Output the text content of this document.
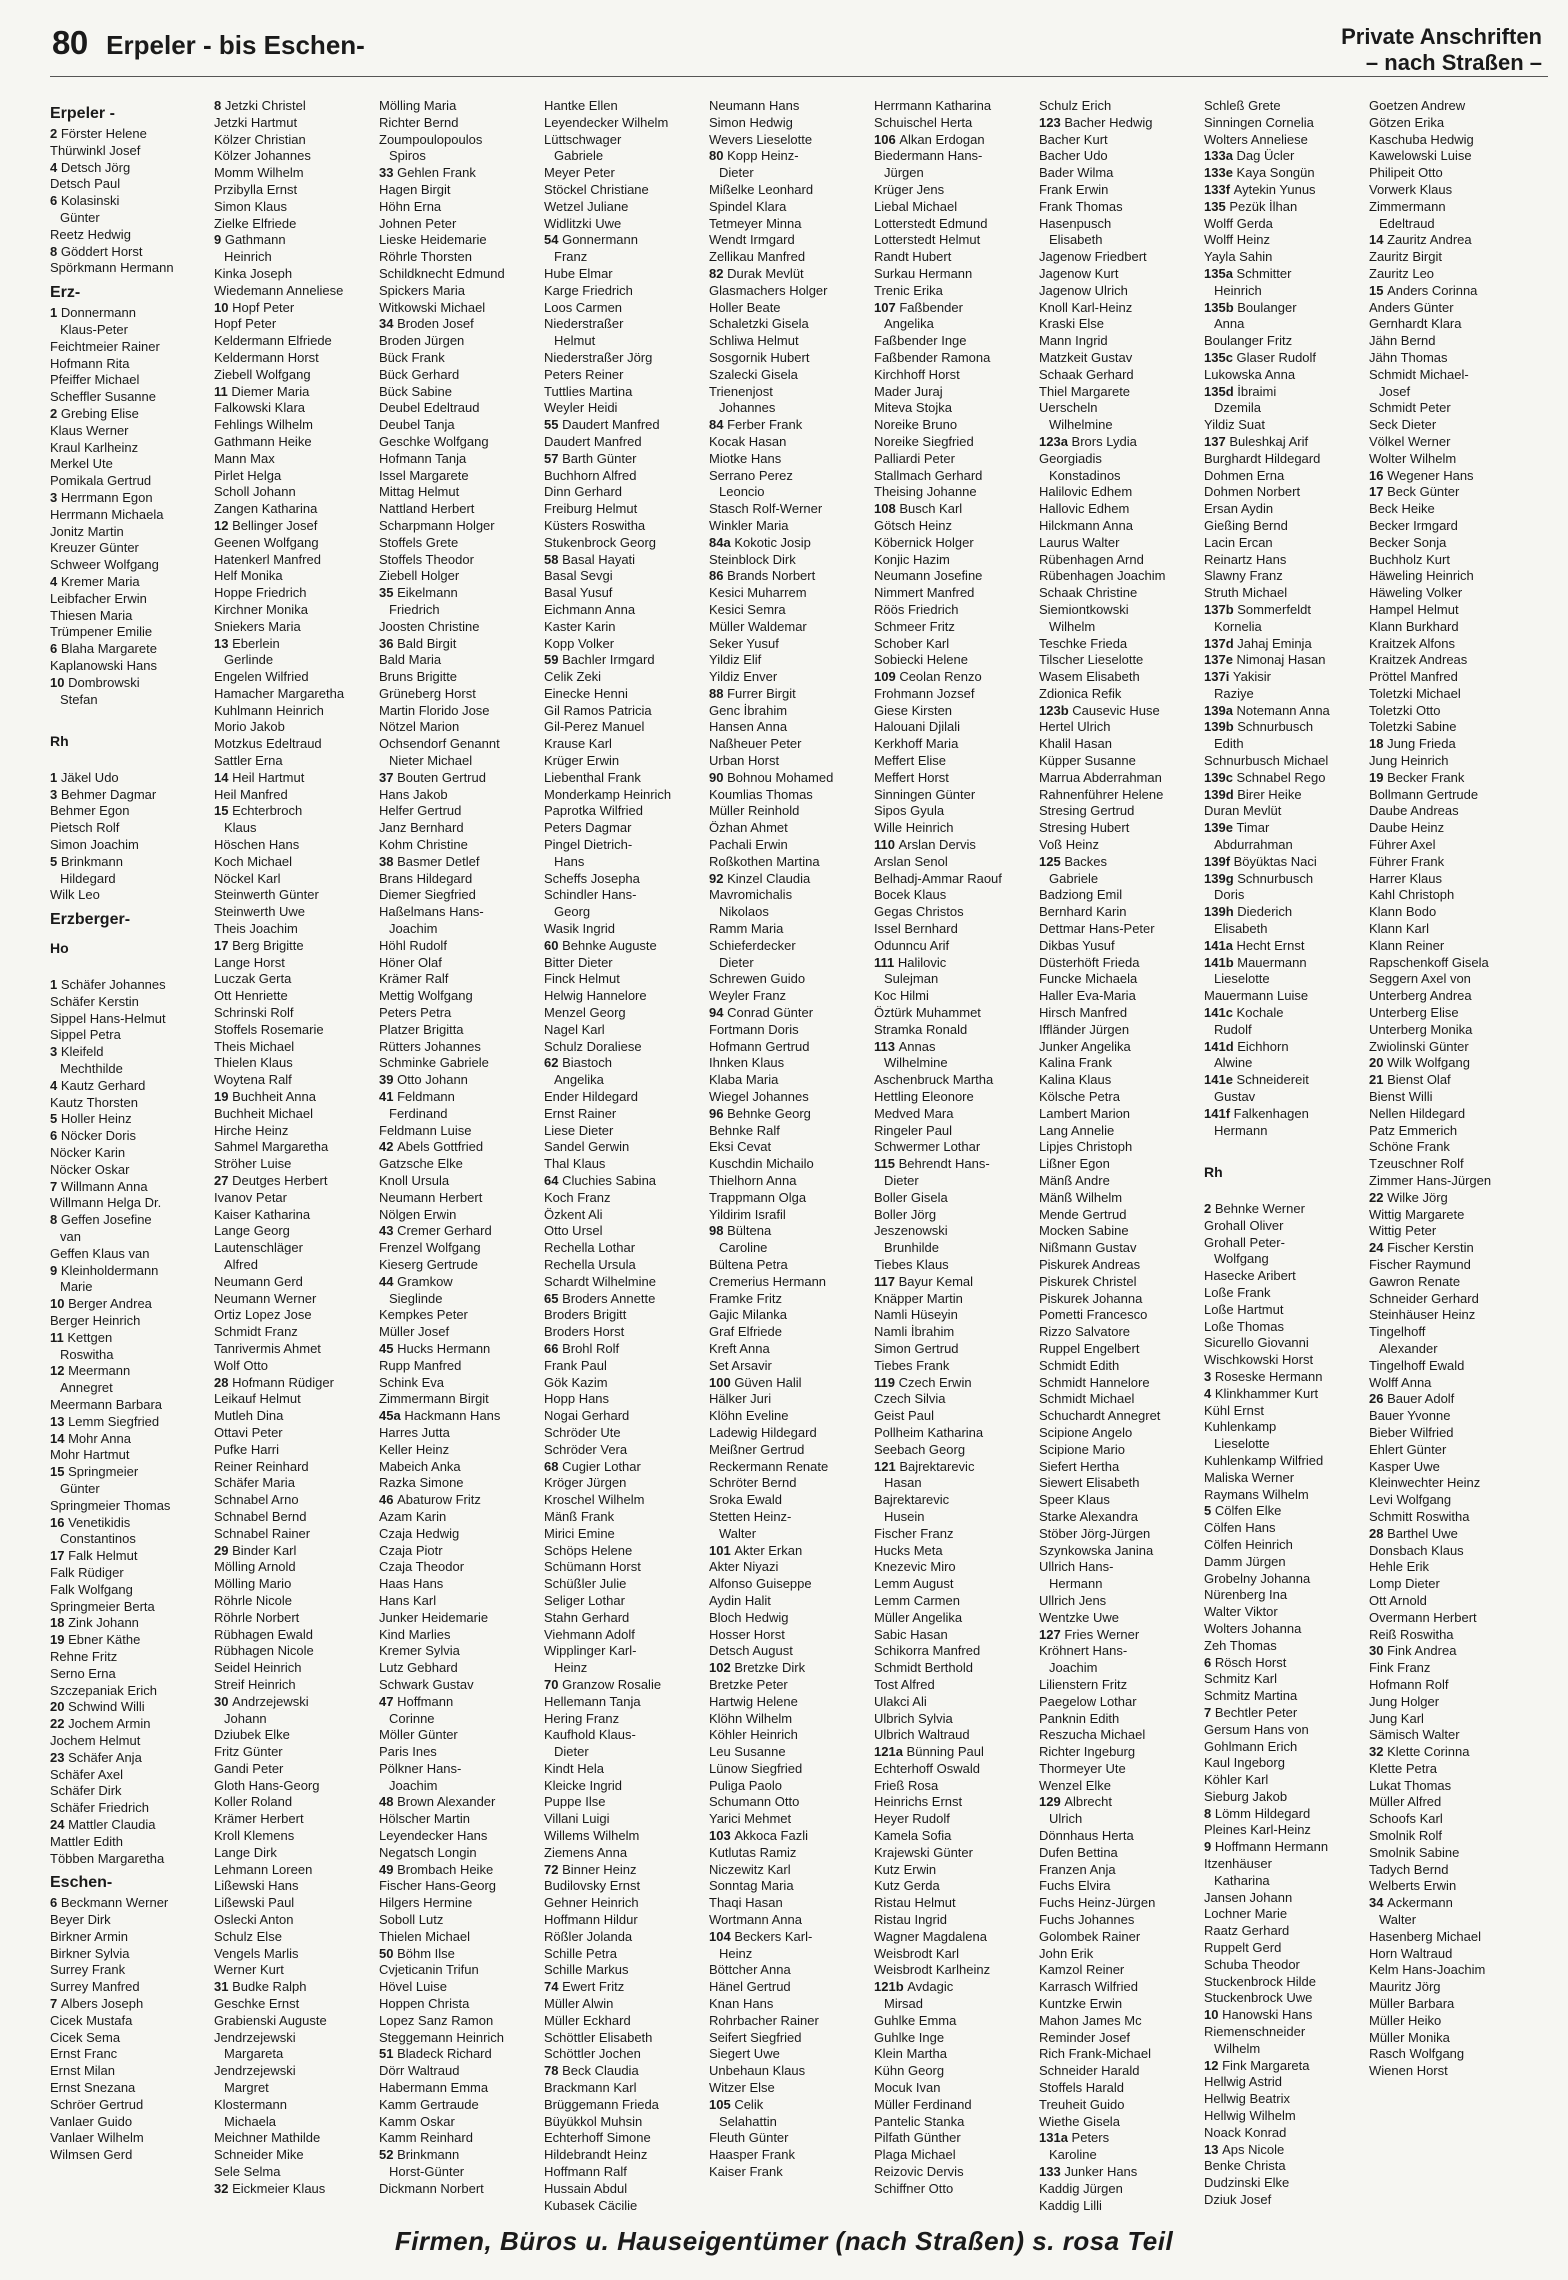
80 Erpeler - bis Eschen-	Private Anschriften
– nach Straßen –
Erpeler -
2 Förster Helene
Thürwinkl Josef
4 Detsch Jörg
Detsch Paul
6 Kolasinski
Günter
Reetz Hedwig
8 Göddert Horst
Spörkmann Hermann
Erz-
1 Donnermann
Klaus-Peter
Feichtmeier Rainer
Hofmann Rita
Pfeiffer Michael
Scheffler Susanne
2 Grebing Elise
Klaus Werner
Kraul Karlheinz
Merkel Ute
Pomikala Gertrud
3 Herrmann Egon
Herrmann Michaela
Jonitz Martin
Kreuzer Günter
Schweer Wolfgang
4 Kremer Maria
Leibfacher Erwin
Thiesen Maria
Trümpener Emilie
6 Blaha Margarete
Kaplanowski Hans
10 Dombrowski
Stefan
Rh
1 Jäkel Udo
3 Behmer Dagmar
Behmer Egon
Pietsch Rolf
Simon Joachim
5 Brinkmann
Hildegard
Wilk Leo
Erzberger-
Ho
1 Schäfer Johannes
Schäfer Kerstin
Sippel Hans-Helmut
Sippel Petra
3 Kleifeld
Mechthilde
4 Kautz Gerhard
Kautz Thorsten
5 Holler Heinz
6 Nöcker Doris
Nöcker Karin
Nöcker Oskar
7 Willmann Anna
Willmann Helga Dr.
8 Geffen Josefine
van
Geffen Klaus van
9 Kleinholdermann
Marie
10 Berger Andrea
Berger Heinrich
11 Kettgen
Roswitha
12 Meermann
Annegret
Meermann Barbara
13 Lemm Siegfried
14 Mohr Anna
Mohr Hartmut
15 Springmeier
Günter
Springmeier Thomas
16 Venetikidis
Constantinos
17 Falk Helmut
Falk Rüdiger
Falk Wolfgang
Springmeier Berta
18 Zink Johann
19 Ebner Käthe
Rehne Fritz
Serno Erna
Szczepaniak Erich
20 Schwind Willi
22 Jochem Armin
Jochem Helmut
23 Schäfer Anja
Schäfer Axel
Schäfer Dirk
Schäfer Friedrich
24 Mattler Claudia
Mattler Edith
Többen Margaretha
Eschen-
6 Beckmann Werner
Beyer Dirk
Birkner Armin
Birkner Sylvia
Surrey Frank
Surrey Manfred
7 Albers Joseph
Cicek Mustafa
Cicek Sema
Ernst Franc
Ernst Milan
Ernst Snezana
Schröer Gertrud
Vanlaer Guido
Vanlaer Wilhelm
Wilmsen Gerd
8 Jetzki Christel
Jetzki Hartmut
Kölzer Christian
Kölzer Johannes
Momm Wilhelm
Przibylla Ernst
Simon Klaus
Zielke Elfriede
9 Gathmann
Heinrich
Kinka Joseph
Wiedemann Anneliese
10 Hopf Peter
Hopf Peter
Keldermann Elfriede
Keldermann Horst
Ziebell Wolfgang
11 Diemer Maria
Falkowski Klara
Fehlings Wilhelm
Gathmann Heike
Mann Max
Pirlet Helga
Scholl Johann
Zangen Katharina
12 Bellinger Josef
Geenen Wolfgang
Hatenkerl Manfred
Helf Monika
Hoppe Friedrich
Kirchner Monika
Sniekers Maria
13 Eberlein
Gerlinde
Engelen Wilfried
Hamacher Margaretha
Kuhlmann Heinrich
Morio Jakob
Motzkus Edeltraud
Sattler Erna
14 Heil Hartmut
Heil Manfred
15 Echterbroch
Klaus
Höschen Hans
Koch Michael
Nöckel Karl
Steinwerth Günter
Steinwerth Uwe
Theis Joachim
17 Berg Brigitte
Lange Horst
Luczak Gerta
Ott Henriette
Schrinski Rolf
Stoffels Rosemarie
Theis Michael
Thielen Klaus
Woytena Ralf
19 Buchheit Anna
Buchheit Michael
Hirche Heinz
Sahmel Margaretha
Ströher Luise
27 Deutges Herbert
Ivanov Petar
Kaiser Katharina
Lange Georg
Lautenschläger
Alfred
Neumann Gerd
Neumann Werner
Ortiz Lopez Jose
Schmidt Franz
Tanrivermis Ahmet
Wolf Otto
28 Hofmann Rüdiger
Leikauf Helmut
Mutleh Dina
Ottavi Peter
Pufke Harri
Reiner Reinhard
Schäfer Maria
Schnabel Arno
Schnabel Bernd
Schnabel Rainer
29 Binder Karl
Mölling Arnold
Mölling Mario
Röhrle Nicole
Röhrle Norbert
Rübhagen Ewald
Rübhagen Nicole
Seidel Heinrich
Streif Heinrich
30 Andrzejewski
Johann
Dziubek Elke
Fritz Günter
Gandi Peter
Gloth Hans-Georg
Koller Roland
Krämer Herbert
Kroll Klemens
Lange Dirk
Lehmann Loreen
Lißewski Hans
Lißewski Paul
Oslecki Anton
Schulz Else
Vengels Marlis
Werner Kurt
31 Budke Ralph
Geschke Ernst
Grabienski Auguste
Jendrzejewski
Margareta
Jendrzejewski
Margret
Klostermann
Michaela
Meichner Mathilde
Schneider Mike
Sele Selma
32 Eickmeier Klaus
Mölling Maria
Richter Bernd
Zoumpoulopoulos
Spiros
33 Gehlen Frank
Hagen Birgit
Höhn Erna
Johnen Peter
Lieske Heidemarie
Röhrle Thorsten
Schildknecht Edmund
Spickers Maria
Witkowski Michael
34 Broden Josef
Broden Jürgen
Bück Frank
Bück Gerhard
Bück Sabine
Deubel Edeltraud
Deubel Tanja
Geschke Wolfgang
Hofmann Tanja
Issel Margarete
Mittag Helmut
Nattland Herbert
Scharpmann Holger
Stoffels Grete
Stoffels Theodor
Ziebell Holger
35 Eikelmann
Friedrich
Joosten Christine
36 Bald Birgit
Bald Maria
Bruns Brigitte
Grüneberg Horst
Martin Florido Jose
Nötzel Marion
Ochsendorf Genannt
Nieter Michael
37 Bouten Gertrud
Hans Jakob
Helfer Gertrud
Janz Bernhard
Kohm Christine
38 Basmer Detlef
Brans Hildegard
Diemer Siegfried
Haßelmans Hans-
Joachim
Höhl Rudolf
Höner Olaf
Krämer Ralf
Mettig Wolfgang
Peters Petra
Platzer Brigitta
Rütters Johannes
Schminke Gabriele
39 Otto Johann
41 Feldmann
Ferdinand
Feldmann Luise
42 Abels Gottfried
Gatzsche Elke
Knoll Ursula
Neumann Herbert
Nölgen Erwin
43 Cremer Gerhard
Frenzel Wolfgang
Kieserg Gertrude
44 Gramkow
Sieglinde
Kempkes Peter
Müller Josef
45 Hucks Hermann
Rupp Manfred
Schink Eva
Zimmermann Birgit
45a Hackmann Hans
Harres Jutta
Keller Heinz
Mabeich Anka
Razka Simone
46 Abaturow Fritz
Azam Karin
Czaja Hedwig
Czaja Piotr
Czaja Theodor
Haas Hans
Hans Karl
Junker Heidemarie
Kind Marlies
Kremer Sylvia
Lutz Gebhard
Schwark Gustav
47 Hoffmann
Corinne
Möller Günter
Paris Ines
Pölkner Hans-
Joachim
48 Brown Alexander
Hölscher Martin
Leyendecker Hans
Negatsch Longin
49 Brombach Heike
Fischer Hans-Georg
Hilgers Hermine
Soboll Lutz
Thielen Michael
50 Böhm Ilse
Cvjeticanin Trifun
Hövel Luise
Hoppen Christa
Lopez Sanz Ramon
Steggemann Heinrich
51 Bladeck Richard
Dörr Waltraud
Habermann Emma
Kamm Gertraude
Kamm Oskar
Kamm Reinhard
52 Brinkmann
Horst-Günter
Dickmann Norbert
Hantke Ellen
Leyendecker Wilhelm
Lüttschwager
Gabriele
Meyer Peter
Stöckel Christiane
Wetzel Juliane
Widlitzki Uwe
54 Gonnermann
Franz
Hube Elmar
Karge Friedrich
Loos Carmen
Niederstraßer
Helmut
Niederstraßer Jörg
Peters Reiner
Tuttlies Martina
Weyler Heidi
55 Daudert Manfred
Daudert Manfred
57 Barth Günter
Buchhorn Alfred
Dinn Gerhard
Freiburg Helmut
Küsters Roswitha
Stukenbrock Georg
58 Basal Hayati
Basal Sevgi
Basal Yusuf
Eichmann Anna
Kaster Karin
Kopp Volker
59 Bachler Irmgard
Celik Zeki
Einecke Henni
Gil Ramos Patricia
Gil-Perez Manuel
Krause Karl
Krüger Erwin
Liebenthal Frank
Monderkamp Heinrich
Paprotka Wilfried
Peters Dagmar
Pingel Dietrich-
Hans
Scheffs Josepha
Schindler Hans-
Georg
Wasik Ingrid
60 Behnke Auguste
Bitter Dieter
Finck Helmut
Helwig Hannelore
Menzel Georg
Nagel Karl
Schulz Doraliese
62 Biastoch
Angelika
Ender Hildegard
Ernst Rainer
Liese Dieter
Sandel Gerwin
Thal Klaus
64 Cluchies Sabina
Koch Franz
Özkent Ali
Otto Ursel
Rechella Lothar
Rechella Ursula
Schardt Wilhelmine
65 Broders Annette
Broders Brigitt
Broders Horst
66 Brohl Rolf
Frank Paul
Gök Kazim
Hopp Hans
Nogai Gerhard
Schröder Ute
Schröder Vera
68 Cugier Lothar
Kröger Jürgen
Kroschel Wilhelm
Mänß Frank
Mirici Emine
Schöps Helene
Schümann Horst
Schüßler Julie
Seliger Lothar
Stahn Gerhard
Viehmann Adolf
Wipplinger Karl-
Heinz
70 Granzow Rosalie
Hellemann Tanja
Hering Franz
Kaufhold Klaus-
Dieter
Kindt Hela
Kleicke Ingrid
Puppe Ilse
Villani Luigi
Willems Wilhelm
Ziemens Anna
72 Binner Heinz
Budilovsky Ernst
Gehner Heinrich
Hoffmann Hildur
Rößler Jolanda
Schille Petra
Schille Markus
74 Ewert Fritz
Müller Alwin
Müller Eckhard
Schöttler Elisabeth
Schöttler Jochen
78 Beck Claudia
Brackmann Karl
Brüggemann Frieda
Büyükkol Muhsin
Echterhoff Simone
Hildebrandt Heinz
Hoffmann Ralf
Hussain Abdul
Kubasek Cäcilie
Neumann Hans
Simon Hedwig
Wevers Lieselotte
80 Kopp Heinz-
Dieter
Mißelke Leonhard
Spindel Klara
Tetmeyer Minna
Wendt Irmgard
Zellikau Manfred
82 Durak Mevlüt
Glasmachers Holger
Holler Beate
Schaletzki Gisela
Schliwa Helmut
Sosgornik Hubert
Szalecki Gisela
Trienenjost
Johannes
84 Ferber Frank
Kocak Hasan
Miotke Hans
Serrano Perez
Leoncio
Stasch Rolf-Werner
Winkler Maria
84a Kokotic Josip
Steinblock Dirk
86 Brands Norbert
Kesici Muharrem
Kesici Semra
Müller Waldemar
Seker Yusuf
Yildiz Elif
Yildiz Enver
88 Furrer Birgit
Genc İbrahim
Hansen Anna
Naßheuer Peter
Urban Horst
90 Bohnou Mohamed
Koumlias Thomas
Müller Reinhold
Özhan Ahmet
Pachali Erwin
Roßkothen Martina
92 Kinzel Claudia
Mavromichalis
Nikolaos
Ramm Maria
Schieferdecker
Dieter
Schrewen Guido
Weyler Franz
94 Conrad Günter
Fortmann Doris
Hofmann Gertrud
Ihnken Klaus
Klaba Maria
Wiegel Johannes
96 Behnke Georg
Behnke Ralf
Eksi Cevat
Kuschdin Michailo
Thielhorn Anna
Trappmann Olga
Yildirim Israfil
98 Bültena
Caroline
Bültena Petra
Cremerius Hermann
Framke Fritz
Gajic Milanka
Graf Elfriede
Kreft Anna
Set Arsavir
100 Güven Halil
Hälker Juri
Klöhn Eveline
Ladewig Hildegard
Meißner Gertrud
Reckermann Renate
Schröter Bernd
Sroka Ewald
Stetten Heinz-
Walter
101 Akter Erkan
Akter Niyazi
Alfonso Guiseppe
Aydin Halit
Bloch Hedwig
Hosser Horst
Detsch August
102 Bretzke Dirk
Bretzke Peter
Hartwig Helene
Klöhn Wilhelm
Köhler Heinrich
Leu Susanne
Lünow Siegfried
Puliga Paolo
Schumann Otto
Yarici Mehmet
103 Akkoca Fazli
Kutlutas Ramiz
Niczewitz Karl
Sonntag Maria
Thaqi Hasan
Wortmann Anna
104 Beckers Karl-
Heinz
Böttcher Anna
Hänel Gertrud
Knan Hans
Rohrbacher Rainer
Seifert Siegfried
Siegert Uwe
Unbehaun Klaus
Witzer Else
105 Celik
Selahattin
Fleuth Günter
Haasper Frank
Kaiser Frank
Herrmann Katharina
Schuischel Herta
106 Alkan Erdogan
Biedermann Hans-
Jürgen
Krüger Jens
Liebal Michael
Lotterstedt Edmund
Lotterstedt Helmut
Randt Hubert
Surkau Hermann
Trenic Erika
107 Faßbender
Angelika
Faßbender Inge
Faßbender Ramona
Kirchhoff Horst
Mader Juraj
Miteva Stojka
Noreike Bruno
Noreike Siegfried
Palliardi Peter
Stallmach Gerhard
Theising Johanne
108 Busch Karl
Götsch Heinz
Köbernick Holger
Konjic Hazim
Neumann Josefine
Nimmert Manfred
Röös Friedrich
Schmeer Fritz
Schober Karl
Sobiecki Helene
109 Ceolan Renzo
Frohmann Jozsef
Giese Kirsten
Halouani Djilali
Kerkhoff Maria
Meffert Elise
Meffert Horst
Sinningen Günter
Sipos Gyula
Wille Heinrich
110 Arslan Dervis
Arslan Senol
Belhadj-Ammar Raouf
Bocek Klaus
Gegas Christos
Issel Bernhard
Odunncu Arif
111 Halilovic
Sulejman
Koc Hilmi
Öztürk Muhammet
Stramka Ronald
113 Annas
Wilhelmine
Aschenbruck Martha
Hettling Eleonore
Medved Mara
Ringeler Paul
Schwermer Lothar
115 Behrendt Hans-
Dieter
Boller Gisela
Boller Jörg
Jeszenowski
Brunhilde
Tiebes Klaus
117 Bayur Kemal
Knäpper Martin
Namli Hüseyin
Namli İbrahim
Simon Gertrud
Tiebes Frank
119 Czech Erwin
Czech Silvia
Geist Paul
Pollheim Katharina
Seebach Georg
121 Bajrektarevic
Hasan
Bajrektarevic
Husein
Fischer Franz
Hucks Meta
Knezevic Miro
Lemm August
Lemm Carmen
Müller Angelika
Sabic Hasan
Schikorra Manfred
Schmidt Berthold
Tost Alfred
Ulakci Ali
Ulbrich Sylvia
Ulbrich Waltraud
121a Bünning Paul
Echterhoff Oswald
Frieß Rosa
Heinrichs Ernst
Heyer Rudolf
Kamela Sofia
Krajewski Günter
Kutz Erwin
Kutz Gerda
Ristau Helmut
Ristau Ingrid
Wagner Magdalena
Weisbrodt Karl
Weisbrodt Karlheinz
121b Avdagic
Mirsad
Guhlke Emma
Guhlke Inge
Klein Martha
Kühn Georg
Mocuk Ivan
Müller Ferdinand
Pantelic Stanka
Pilfath Günther
Plaga Michael
Reizovic Dervis
Schiffner Otto
Schulz Erich
123 Bacher Hedwig
Bacher Kurt
Bacher Udo
Bader Wilma
Frank Erwin
Frank Thomas
Hasenpusch
Elisabeth
Jagenow Friedbert
Jagenow Kurt
Jagenow Ulrich
Knoll Karl-Heinz
Kraski Else
Mann Ingrid
Matzkeit Gustav
Schaak Gerhard
Thiel Margarete
Uerscheln
Wilhelmine
123a Brors Lydia
Georgiadis
Konstadinos
Halilovic Edhem
Hallovic Edhem
Hilckmann Anna
Laurus Walter
Rübenhagen Arnd
Rübenhagen Joachim
Schaak Christine
Siemiontkowski
Wilhelm
Teschke Frieda
Tilscher Lieselotte
Wasem Elisabeth
Zdionica Refik
123b Causevic Huse
Hertel Ulrich
Khalil Hasan
Küpper Susanne
Marrua Abderrahman
Rahnenführer Helene
Stresing Gertrud
Stresing Hubert
Voß Heinz
125 Backes
Gabriele
Badziong Emil
Bernhard Karin
Dettmar Hans-Peter
Dikbas Yusuf
Düsterhöft Frieda
Funcke Michaela
Haller Eva-Maria
Hirsch Manfred
Iffländer Jürgen
Junker Angelika
Kalina Frank
Kalina Klaus
Kölsche Petra
Lambert Marion
Lang Annelie
Lipjes Christoph
Lißner Egon
Mänß Andre
Mänß Wilhelm
Mende Gertrud
Mocken Sabine
Nißmann Gustav
Piskurek Andreas
Piskurek Christel
Piskurek Johanna
Pometti Francesco
Rizzo Salvatore
Ruppel Engelbert
Schmidt Edith
Schmidt Hannelore
Schmidt Michael
Schuchardt Annegret
Scipione Angelo
Scipione Mario
Siefert Hertha
Siewert Elisabeth
Speer Klaus
Starke Alexandra
Stöber Jörg-Jürgen
Szynkowska Janina
Ullrich Hans-
Hermann
Ullrich Jens
Wentzke Uwe
127 Fries Werner
Kröhnert Hans-
Joachim
Lilienstern Fritz
Paegelow Lothar
Panknin Edith
Reszucha Michael
Richter Ingeburg
Thormeyer Ute
Wenzel Elke
129 Albrecht
Ulrich
Dönnhaus Herta
Dufen Bettina
Franzen Anja
Fuchs Elvira
Fuchs Heinz-Jürgen
Fuchs Johannes
Golombek Rainer
John Erik
Kamzol Reiner
Karrasch Wilfried
Kuntzke Erwin
Mahon James Mc
Reminder Josef
Rich Frank-Michael
Schneider Harald
Stoffels Harald
Treuheit Guido
Wiethe Gisela
131a Peters
Karoline
133 Junker Hans
Kaddig Jürgen
Kaddig Lilli
Schleß Grete
Sinningen Cornelia
Wolters Anneliese
133a Dag Ücler
133e Kaya Songün
133f Aytekin Yunus
135 Pezük İlhan
Wolff Gerda
Wolff Heinz
Yayla Sahin
135a Schmitter
Heinrich
135b Boulanger
Anna
Boulanger Fritz
135c Glaser Rudolf
Lukowska Anna
135d İbraimi
Dzemila
Yildiz Suat
137 Buleshkaj Arif
Burghardt Hildegard
Dohmen Erna
Dohmen Norbert
Ersan Aydin
Gießing Bernd
Lacin Ercan
Reinartz Hans
Slawny Franz
Struth Michael
137b Sommerfeldt
Kornelia
137d Jahaj Eminja
137e Nimonaj Hasan
137i Yakisir
Raziye
139a Notemann Anna
139b Schnurbusch
Edith
Schnurbusch Michael
139c Schnabel Rego
139d Birer Heike
Duran Mevlüt
139e Timar
Abdurrahman
139f Böyüktas Naci
139g Schnurbusch
Doris
139h Diederich
Elisabeth
141a Hecht Ernst
141b Mauermann
Lieselotte
Mauermann Luise
141c Kochale
Rudolf
141d Eichhorn
Alwine
141e Schneidereit
Gustav
141f Falkenhagen
Hermann
Rh
2 Behnke Werner
Grohall Oliver
Grohall Peter-
Wolfgang
Hasecke Aribert
Loße Frank
Loße Hartmut
Loße Thomas
Sicurello Giovanni
Wischkowski Horst
3 Roseske Hermann
4 Klinkhammer Kurt
Kühl Ernst
Kuhlenkamp
Lieselotte
Kuhlenkamp Wilfried
Maliska Werner
Raymans Wilhelm
5 Cölfen Elke
Cölfen Hans
Cölfen Heinrich
Damm Jürgen
Grobelny Johanna
Nürenberg Ina
Walter Viktor
Wolters Johanna
Zeh Thomas
6 Rösch Horst
Schmitz Karl
Schmitz Martina
7 Bechtler Peter
Gersum Hans von
Gohlmann Erich
Kaul Ingeborg
Köhler Karl
Sieburg Jakob
8 Lömm Hildegard
Pleines Karl-Heinz
9 Hoffmann Hermann
Itzenhäuser
Katharina
Jansen Johann
Lochner Marie
Raatz Gerhard
Ruppelt Gerd
Schuba Theodor
Stuckenbrock Hilde
Stuckenbrock Uwe
10 Hanowski Hans
Riemenschneider
Wilhelm
12 Fink Margareta
Hellwig Astrid
Hellwig Beatrix
Hellwig Wilhelm
Noack Konrad
13 Aps Nicole
Benke Christa
Dudzinski Elke
Dziuk Josef
Goetzen Andrew
Götzen Erika
Kaschuba Hedwig
Kawelowski Luise
Philipeit Otto
Vorwerk Klaus
Zimmermann
Edeltraud
14 Zauritz Andrea
Zauritz Birgit
Zauritz Leo
15 Anders Corinna
Anders Günter
Gernhardt Klara
Jähn Bernd
Jähn Thomas
Schmidt Michael-
Josef
Schmidt Peter
Seck Dieter
Völkel Werner
Wolter Wilhelm
16 Wegener Hans
17 Beck Günter
Beck Heike
Becker Irmgard
Becker Sonja
Buchholz Kurt
Häweling Heinrich
Häweling Volker
Hampel Helmut
Klann Burkhard
Kraitzek Alfons
Kraitzek Andreas
Pröttel Manfred
Toletzki Michael
Toletzki Otto
Toletzki Sabine
18 Jung Frieda
Jung Heinrich
19 Becker Frank
Bollmann Gertrude
Daube Andreas
Daube Heinz
Führer Axel
Führer Frank
Harrer Klaus
Kahl Christoph
Klann Bodo
Klann Karl
Klann Reiner
Rapschenkoff Gisela
Seggern Axel von
Unterberg Andrea
Unterberg Elise
Unterberg Monika
Zwiolinski Günter
20 Wilk Wolfgang
21 Bienst Olaf
Bienst Willi
Nellen Hildegard
Patz Emmerich
Schöne Frank
Tzeuschner Rolf
Zimmer Hans-Jürgen
22 Wilke Jörg
Wittig Margarete
Wittig Peter
24 Fischer Kerstin
Fischer Raymund
Gawron Renate
Schneider Gerhard
Steinhäuser Heinz
Tingelhoff
Alexander
Tingelhoff Ewald
Wolff Anna
26 Bauer Adolf
Bauer Yvonne
Bieber Wilfried
Ehlert Günter
Kasper Uwe
Kleinwechter Heinz
Levi Wolfgang
Schmitt Roswitha
28 Barthel Uwe
Donsbach Klaus
Hehle Erik
Lomp Dieter
Ott Arnold
Overmann Herbert
Reiß Roswitha
30 Fink Andrea
Fink Franz
Hofmann Rolf
Jung Holger
Jung Karl
Sämisch Walter
32 Klette Corinna
Klette Petra
Lukat Thomas
Müller Alfred
Schoofs Karl
Smolnik Rolf
Smolnik Sabine
Tadych Bernd
Welberts Erwin
34 Ackermann
Walter
Hasenberg Michael
Horn Waltraud
Kelm Hans-Joachim
Mauritz Jörg
Müller Barbara
Müller Heiko
Müller Monika
Rasch Wolfgang
Wienen Horst
Firmen, Büros u. Hauseigentümer (nach Straßen) s. rosa Teil
